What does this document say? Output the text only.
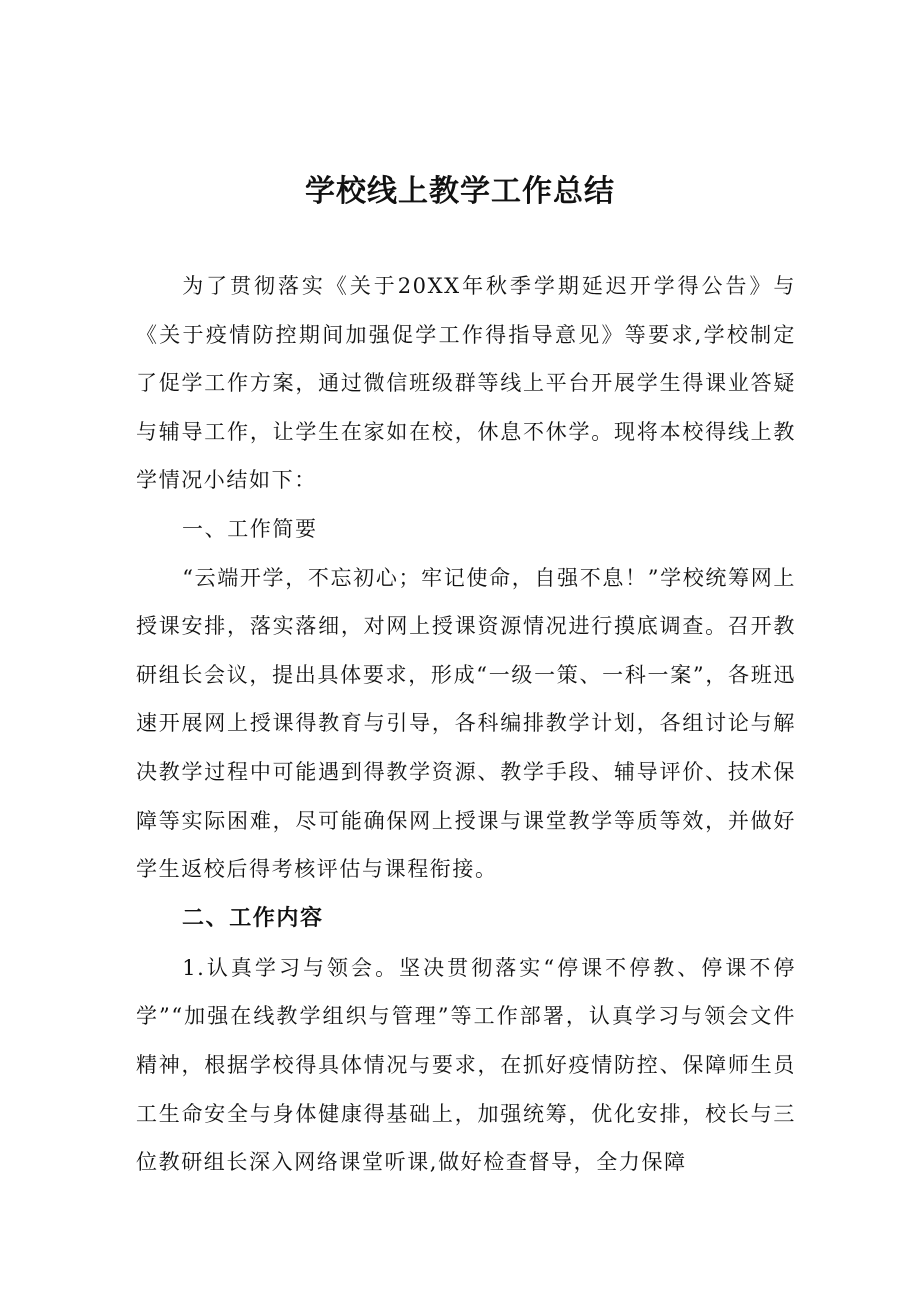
学校线上教学工作总结

为了贯彻落实《关于20XX年秋季学期延迟开学得公告》与《关于疫情防控期间加强促学工作得指导意见》等要求,学校制定了促学工作方案，通过微信班级群等线上平台开展学生得课业答疑与辅导工作，让学生在家如在校，休息不休学。现将本校得线上教学情况小结如下：

一、工作简要

“云端开学，不忘初心；牢记使命，自强不息！”学校统筹网上授课安排，落实落细，对网上授课资源情况进行摸底调查。召开教研组长会议，提出具体要求，形成“一级一策、一科一案”，各班迅速开展网上授课得教育与引导，各科编排教学计划，各组讨论与解决教学过程中可能遇到得教学资源、教学手段、辅导评价、技术保障等实际困难，尽可能确保网上授课与课堂教学等质等效，并做好学生返校后得考核评估与课程衔接。

二、工作内容

1.认真学习与领会。坚决贯彻落实“停课不停教、停课不停学”“加强在线教学组织与管理”等工作部署，认真学习与领会文件精神，根据学校得具体情况与要求，在抓好疫情防控、保障师生员工生命安全与身体健康得基础上，加强统筹，优化安排，校长与三位教研组长深入网络课堂听课,做好检查督导，全力保障
